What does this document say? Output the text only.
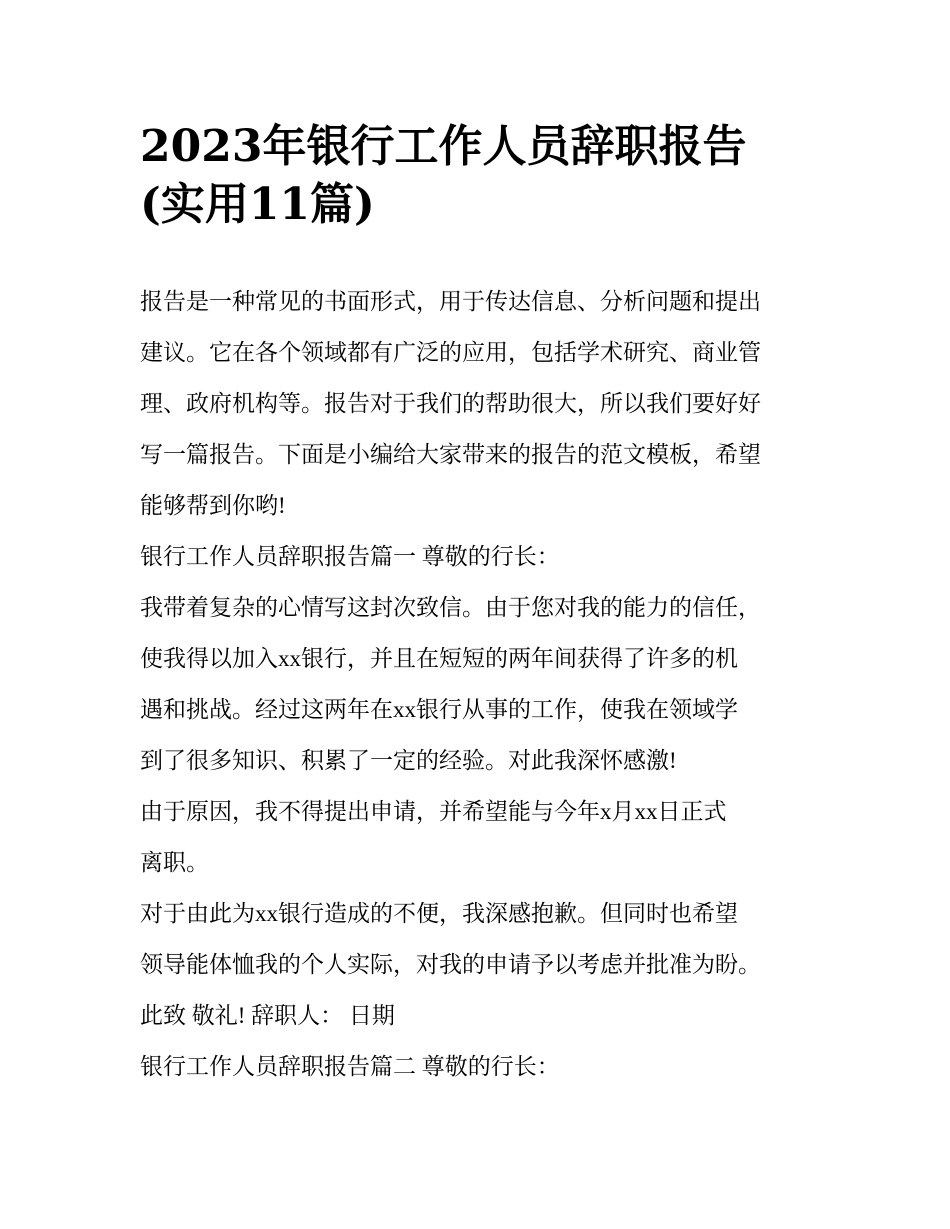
2023年银行工作人员辞职报告
(实用11篇)
报告是一种常见的书面形式，用于传达信息、分析问题和提出
建议。它在各个领域都有广泛的应用，包括学术研究、商业管
理、政府机构等。报告对于我们的帮助很大，所以我们要好好
写一篇报告。下面是小编给大家带来的报告的范文模板，希望
能够帮到你哟!
银行工作人员辞职报告篇一 尊敬的行长：
我带着复杂的心情写这封次致信。由于您对我的能力的信任，
使我得以加入xx银行，并且在短短的两年间获得了许多的机
遇和挑战。经过这两年在xx银行从事的工作，使我在领域学
到了很多知识、积累了一定的经验。对此我深怀感激!
由于原因，我不得提出申请，并希望能与今年x月xx日正式
离职。
对于由此为xx银行造成的不便，我深感抱歉。但同时也希望
领导能体恤我的个人实际，对我的申请予以考虑并批准为盼。
此致 敬礼! 辞职人： 日期
银行工作人员辞职报告篇二 尊敬的行长：
